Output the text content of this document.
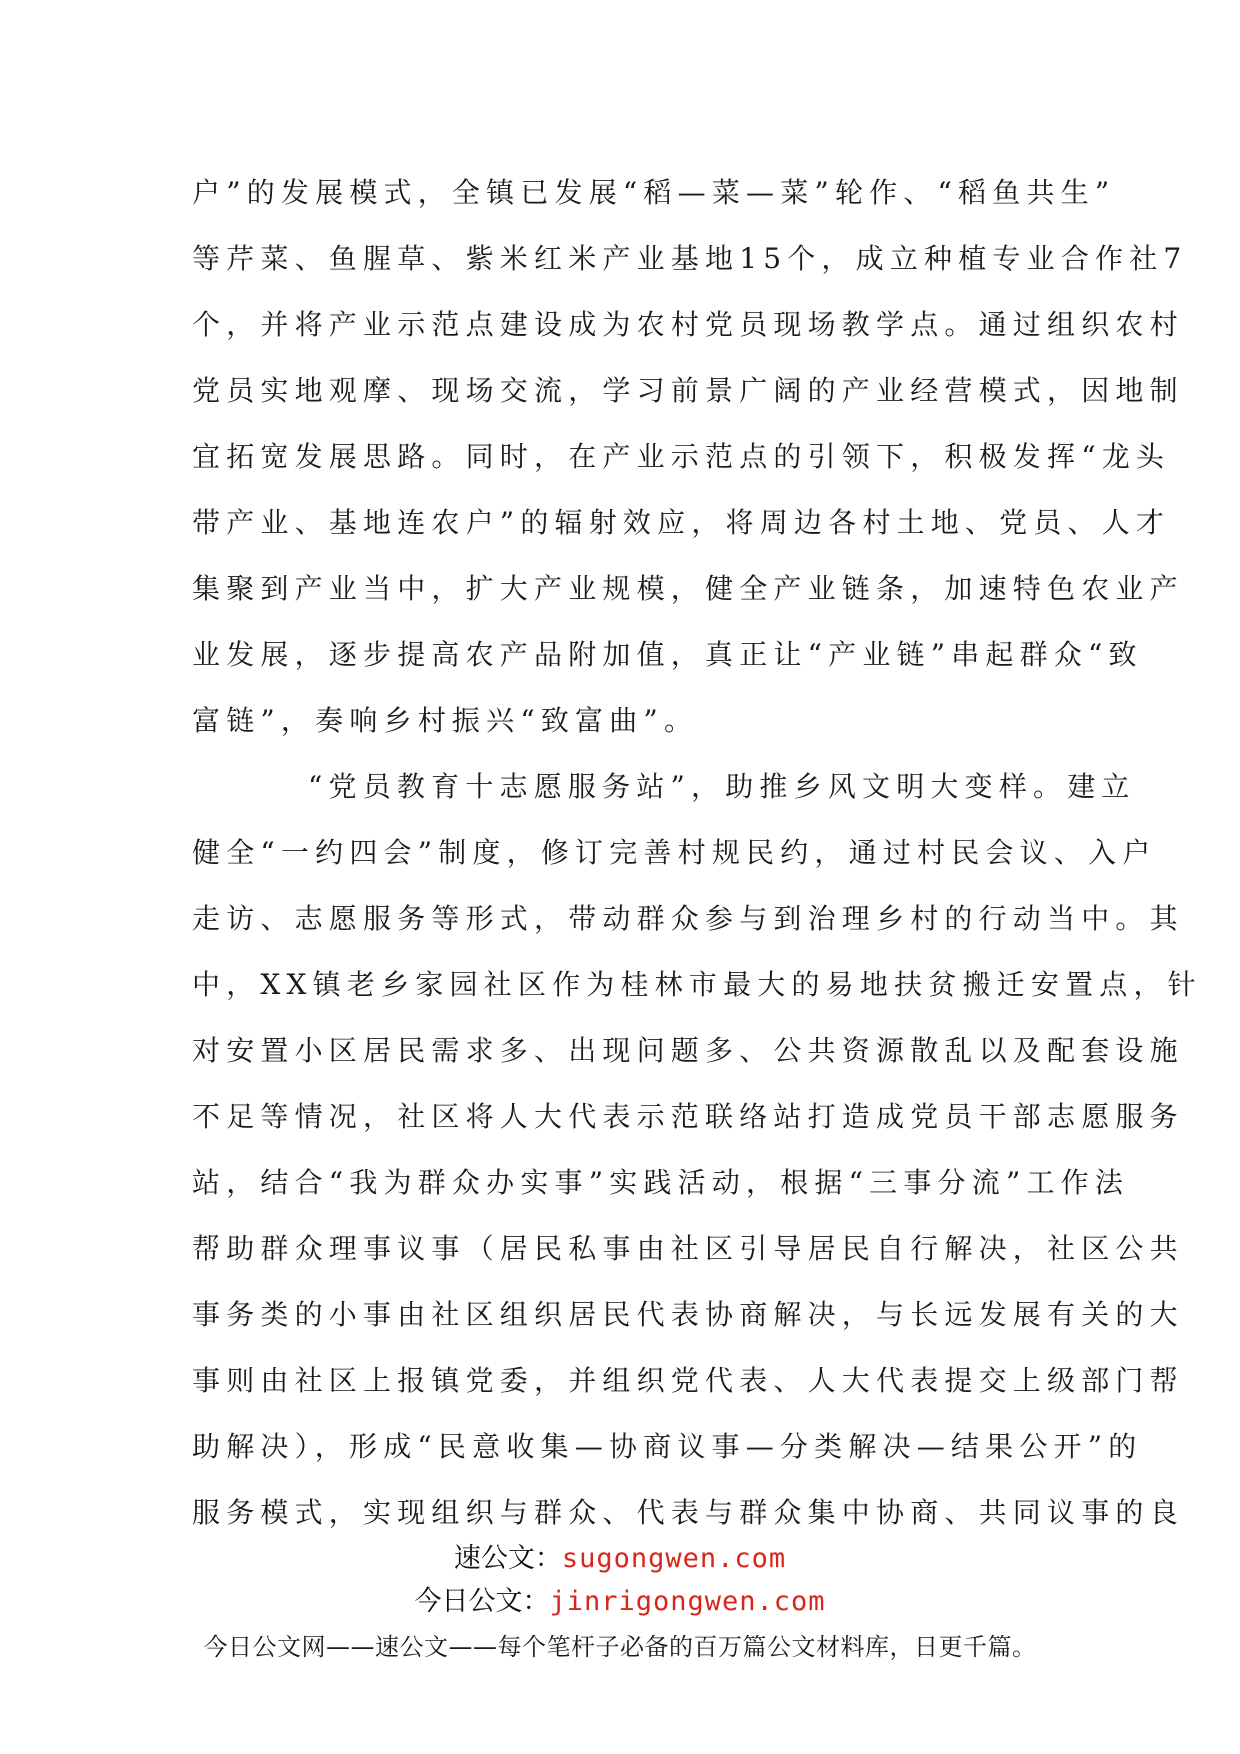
户”的发展模式，全镇已发展“稻—菜—菜”轮作、“稻鱼共生”
等芹菜、鱼腥草、紫米红米产业基地15个，成立种植专业合作社7
个，并将产业示范点建设成为农村党员现场教学点。通过组织农村
党员实地观摩、现场交流，学习前景广阔的产业经营模式，因地制
宜拓宽发展思路。同时，在产业示范点的引领下，积极发挥“龙头
带产业、基地连农户”的辐射效应，将周边各村土地、党员、人才
集聚到产业当中，扩大产业规模，健全产业链条，加速特色农业产
业发展，逐步提高农产品附加值，真正让“产业链”串起群众“致
富链”，奏响乡村振兴“致富曲”。
“党员教育十志愿服务站”，助推乡风文明大变样。建立
健全“一约四会”制度，修订完善村规民约，通过村民会议、入户
走访、志愿服务等形式，带动群众参与到治理乡村的行动当中。其
中，XX镇老乡家园社区作为桂林市最大的易地扶贫搬迁安置点，针
对安置小区居民需求多、出现问题多、公共资源散乱以及配套设施
不足等情况，社区将人大代表示范联络站打造成党员干部志愿服务
站，结合“我为群众办实事”实践活动，根据“三事分流”工作法
帮助群众理事议事（居民私事由社区引导居民自行解决，社区公共
事务类的小事由社区组织居民代表协商解决，与长远发展有关的大
事则由社区上报镇党委，并组织党代表、人大代表提交上级部门帮
助解决），形成“民意收集—协商议事—分类解决—结果公开”的
服务模式，实现组织与群众、代表与群众集中协商、共同议事的良
速公文：sugongwen.com
今日公文：jinrigongwen.com
今日公文网——速公文——每个笔杆子必备的百万篇公文材料库，日更千篇。
